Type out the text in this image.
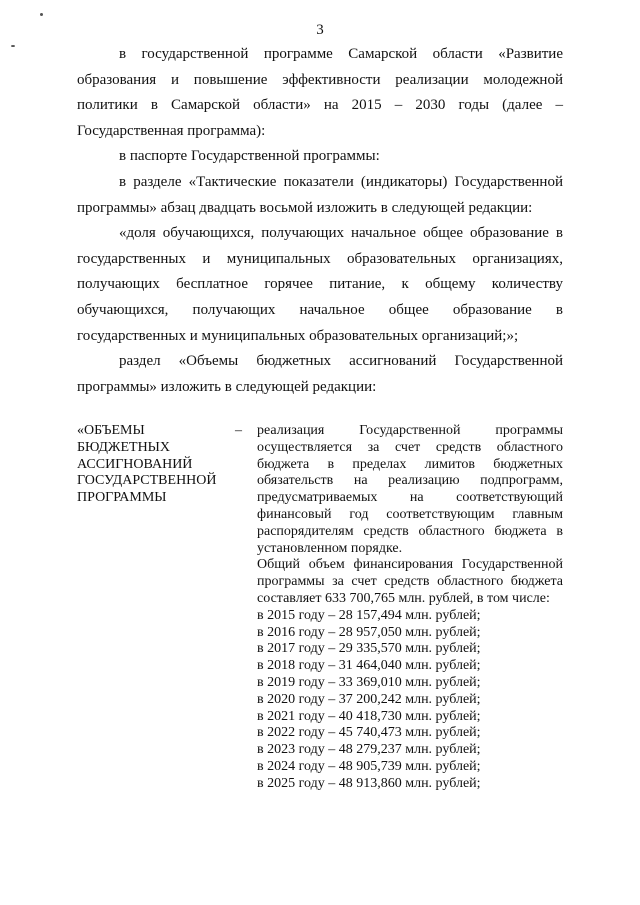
3

в государственной программе Самарской области «Развитие образования и повышение эффективности реализации молодежной политики в Самарской области» на 2015 – 2030 годы (далее – Государственная программа):

в паспорте Государственной программы:

в разделе «Тактические показатели (индикаторы) Государственной программы» абзац двадцать восьмой изложить в следующей редакции:

«доля обучающихся, получающих начальное общее образование в государственных и муниципальных образовательных организациях, получающих бесплатное горячее питание, к общему количеству обучающихся, получающих начальное общее образование в государственных и муниципальных образовательных организаций;»;

раздел «Объемы бюджетных ассигнований Государственной программы» изложить в следующей редакции:

«ОБЪЕМЫ
БЮДЖЕТНЫХ
АССИГНОВАНИЙ
ГОСУДАРСТВЕННОЙ
ПРОГРАММЫ
– реализация Государственной программы осуществляется за счет средств областного бюджета в пределах лимитов бюджетных обязательств на реализацию подпрограмм, предусматриваемых на соответствующий финансовый год соответствующим главным распорядителям средств областного бюджета в установленном порядке.

Общий объем финансирования Государственной программы за счет средств областного бюджета составляет 633 700,765 млн. рублей, в том числе:

в 2015 году – 28 157,494 млн. рублей;
в 2016 году – 28 957,050 млн. рублей;
в 2017 году – 29 335,570 млн. рублей;
в 2018 году – 31 464,040 млн. рублей;
в 2019 году – 33 369,010 млн. рублей;
в 2020 году – 37 200,242 млн. рублей;
в 2021 году – 40 418,730 млн. рублей;
в 2022 году – 45 740,473 млн. рублей;
в 2023 году – 48 279,237 млн. рублей;
в 2024 году – 48 905,739 млн. рублей;
в 2025 году – 48 913,860 млн. рублей;
